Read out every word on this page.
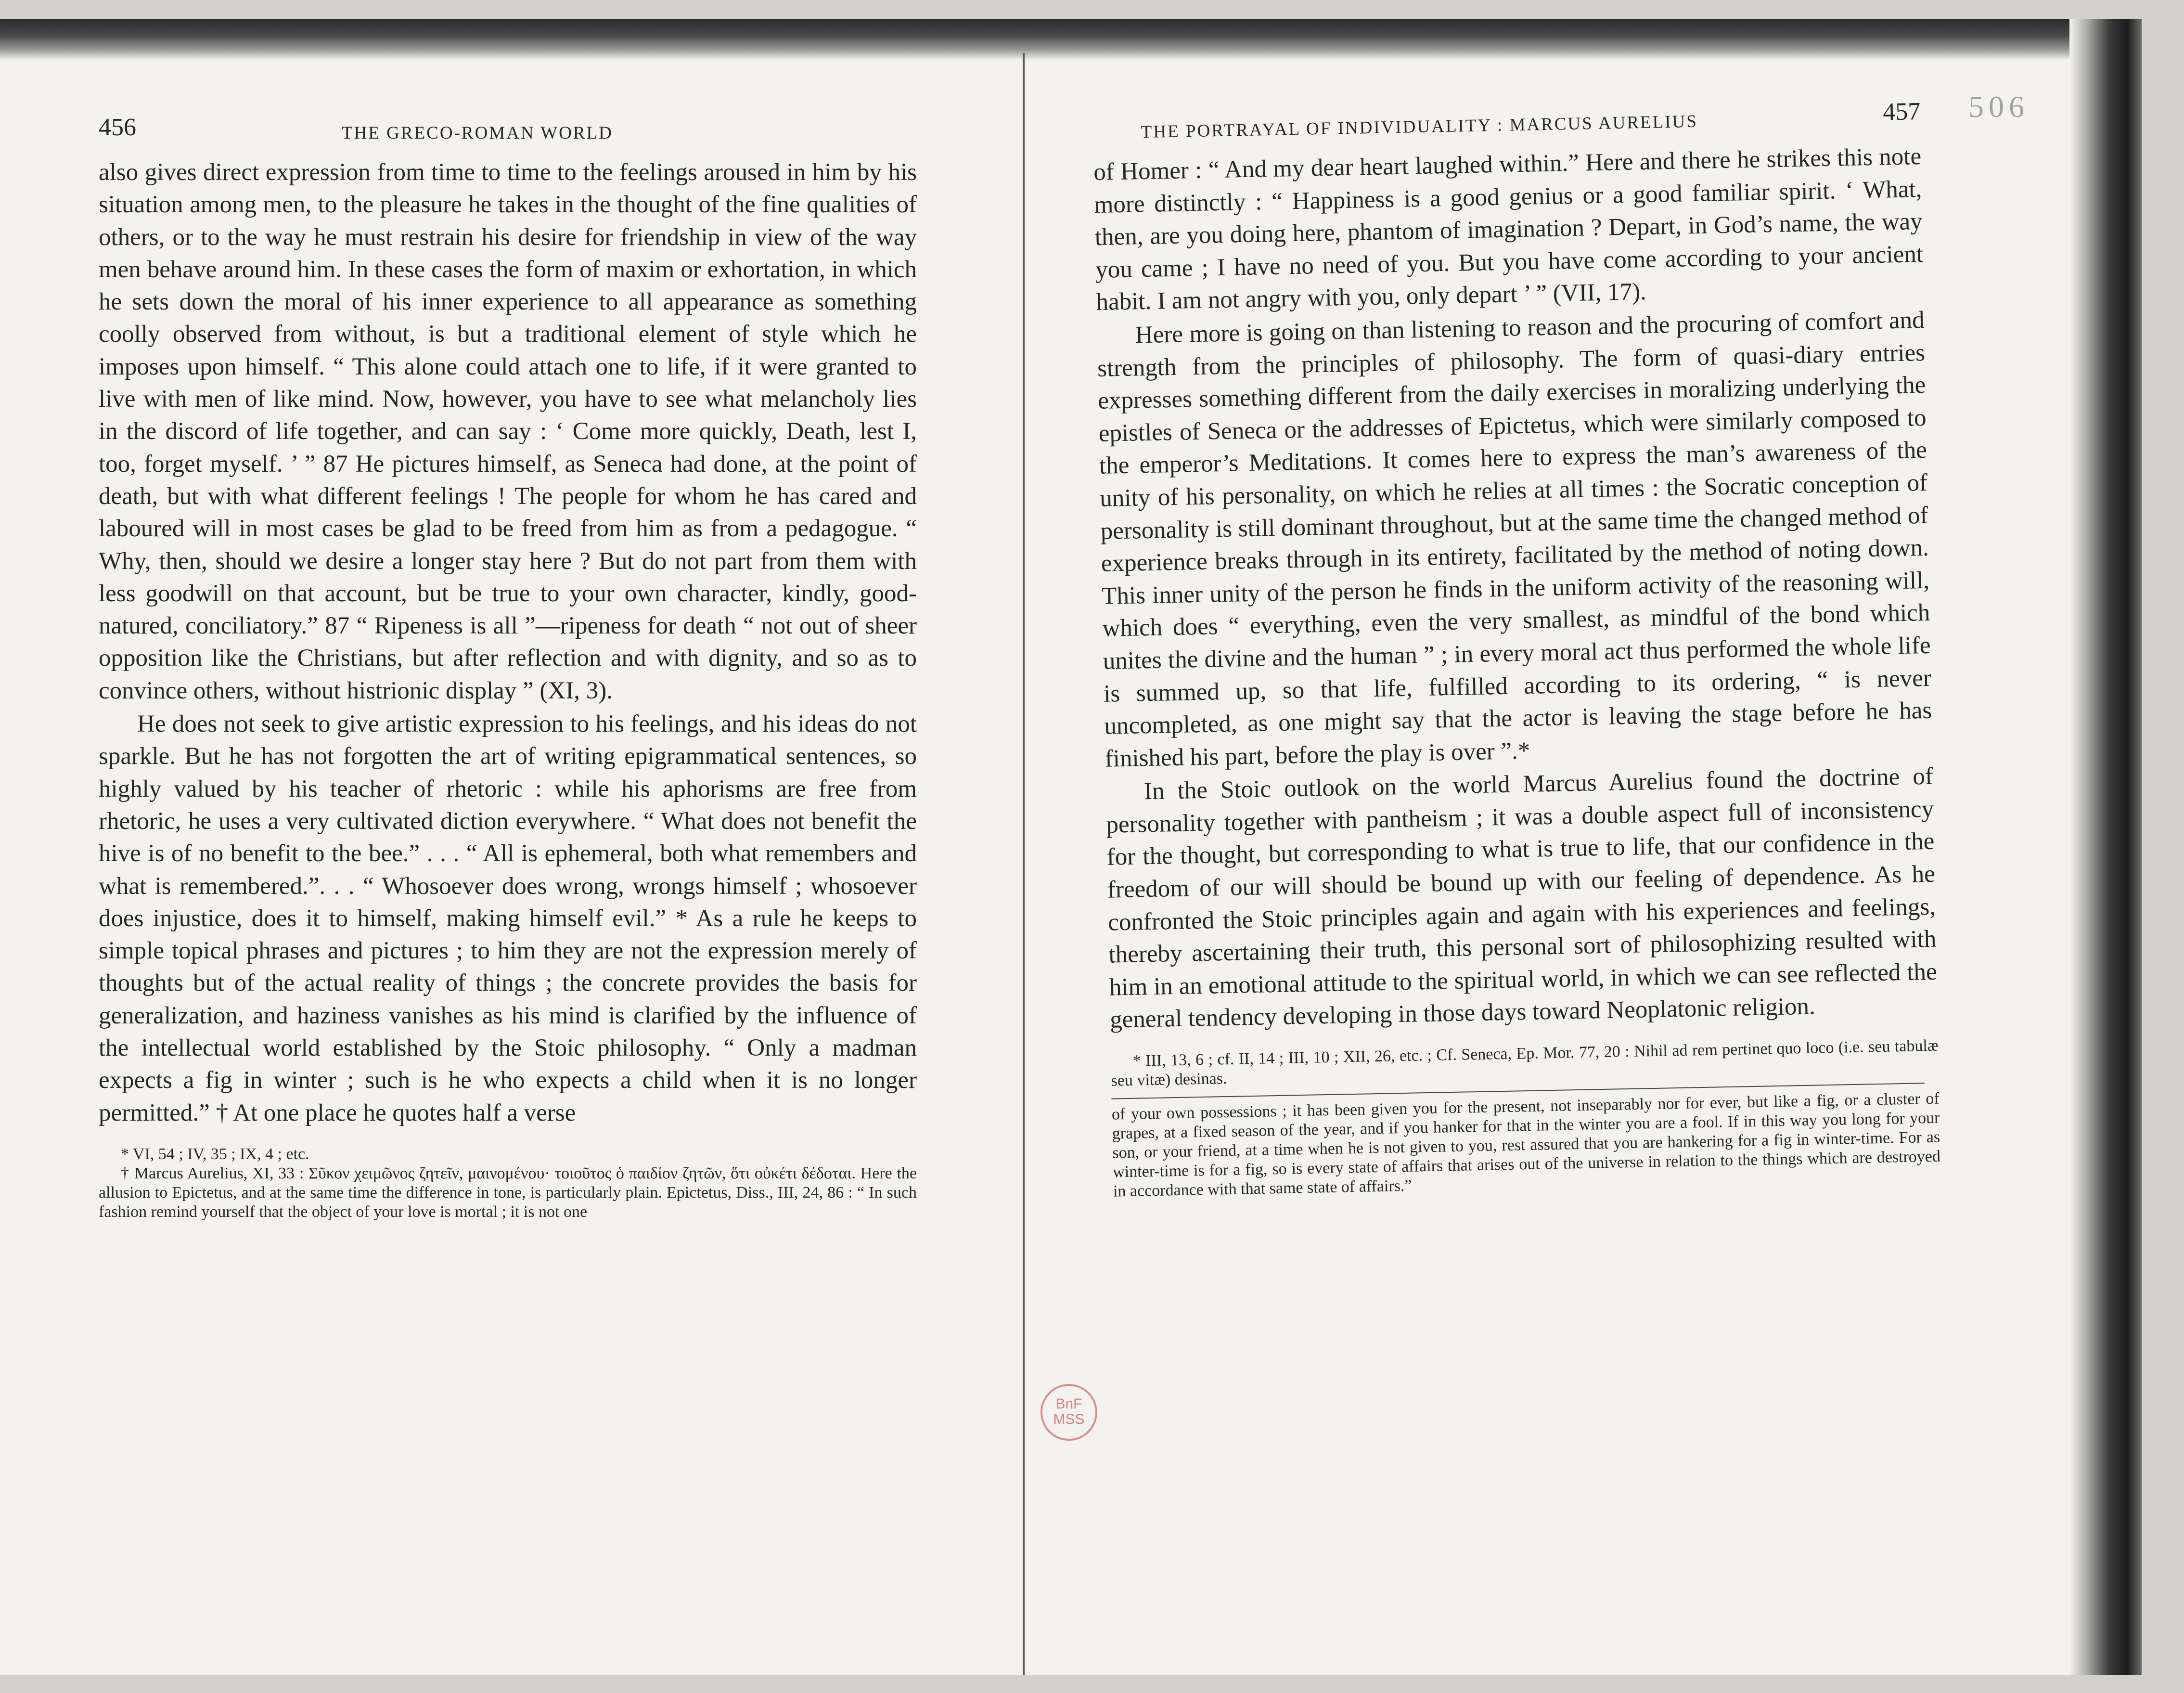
506
BnF
MSS
456	THE GRECO-ROMAN WORLD

also gives direct expression from time to time to the feelings aroused in him by his situation among men, to the pleasure he takes in the thought of the fine qualities of others, or to the way he must restrain his desire for friendship in view of the way men behave around him. In these cases the form of maxim or exhortation, in which he sets down the moral of his inner experience to all appearance as something coolly observed from without, is but a traditional element of style which he imposes upon himself. “ This alone could attach one to life, if it were granted to live with men of like mind. Now, however, you have to see what melancholy lies in the discord of life together, and can say : ‘ Come more quickly, Death, lest I, too, forget myself. ’ ” 87 He pictures himself, as Seneca had done, at the point of death, but with what different feelings ! The people for whom he has cared and laboured will in most cases be glad to be freed from him as from a pedagogue. “ Why, then, should we desire a longer stay here ? But do not part from them with less goodwill on that account, but be true to your own character, kindly, good-natured, conciliatory.” 87 “ Ripeness is all ”—ripeness for death “ not out of sheer opposition like the Christians, but after reflection and with dignity, and so as to convince others, without histrionic display ” (XI, 3).

He does not seek to give artistic expression to his feelings, and his ideas do not sparkle. But he has not forgotten the art of writing epigrammatical sentences, so highly valued by his teacher of rhetoric : while his aphorisms are free from rhetoric, he uses a very cultivated diction everywhere. “ What does not benefit the hive is of no benefit to the bee.” . . . “ All is ephemeral, both what remembers and what is remembered.”. . . “ Whosoever does wrong, wrongs himself ; whosoever does injustice, does it to himself, making himself evil.” * As a rule he keeps to simple topical phrases and pictures ; to him they are not the expression merely of thoughts but of the actual reality of things ; the concrete provides the basis for generalization, and haziness vanishes as his mind is clarified by the influence of the intellectual world established by the Stoic philosophy. “ Only a madman expects a fig in winter ; such is he who expects a child when it is no longer permitted.” † At one place he quotes half a verse

* VI, 54 ; IV, 35 ; IX, 4 ; etc.

† Marcus Aurelius, XI, 33 : Σῦκον χειμῶνος ζητεῖν, μαινομένου· τοιοῦτος ὁ παιδίον ζητῶν, ὅτι οὐκέτι δέδοται. Here the allusion to Epictetus, and at the same time the difference in tone, is particularly plain. Epictetus, Diss., III, 24, 86 : “ In such fashion remind yourself that the object of your love is mortal ; it is not one

THE PORTRAYAL OF INDIVIDUALITY : MARCUS AURELIUS	457

of Homer : “ And my dear heart laughed within.” Here and there he strikes this note more distinctly : “ Happiness is a good genius or a good familiar spirit. ‘ What, then, are you doing here, phantom of imagination ? Depart, in God’s name, the way you came ; I have no need of you. But you have come according to your ancient habit. I am not angry with you, only depart ’ ” (VII, 17).

Here more is going on than listening to reason and the procuring of comfort and strength from the principles of philosophy. The form of quasi-diary entries expresses something different from the daily exercises in moralizing underlying the epistles of Seneca or the addresses of Epictetus, which were similarly composed to the emperor’s Meditations. It comes here to express the man’s awareness of the unity of his personality, on which he relies at all times : the Socratic conception of personality is still dominant throughout, but at the same time the changed method of experience breaks through in its entirety, facilitated by the method of noting down. This inner unity of the person he finds in the uniform activity of the reasoning will, which does “ everything, even the very smallest, as mindful of the bond which unites the divine and the human ” ; in every moral act thus performed the whole life is summed up, so that life, fulfilled according to its ordering, “ is never uncompleted, as one might say that the actor is leaving the stage before he has finished his part, before the play is over ”.*

In the Stoic outlook on the world Marcus Aurelius found the doctrine of personality together with pantheism ; it was a double aspect full of inconsistency for the thought, but corresponding to what is true to life, that our confidence in the freedom of our will should be bound up with our feeling of dependence. As he confronted the Stoic principles again and again with his experiences and feelings, thereby ascertaining their truth, this personal sort of philosophizing resulted with him in an emotional attitude to the spiritual world, in which we can see reflected the general tendency developing in those days toward Neoplatonic religion.

* III, 13, 6 ; cf. II, 14 ; III, 10 ; XII, 26, etc. ; Cf. Seneca, Ep. Mor. 77, 20 : Nihil ad rem pertinet quo loco (i.e. seu tabulæ seu vitæ) desinas.

of your own possessions ; it has been given you for the present, not inseparably nor for ever, but like a fig, or a cluster of grapes, at a fixed season of the year, and if you hanker for that in the winter you are a fool. If in this way you long for your son, or your friend, at a time when he is not given to you, rest assured that you are hankering for a fig in winter-time. For as winter-time is for a fig, so is every state of affairs that arises out of the universe in relation to the things which are destroyed in accordance with that same state of affairs.”
